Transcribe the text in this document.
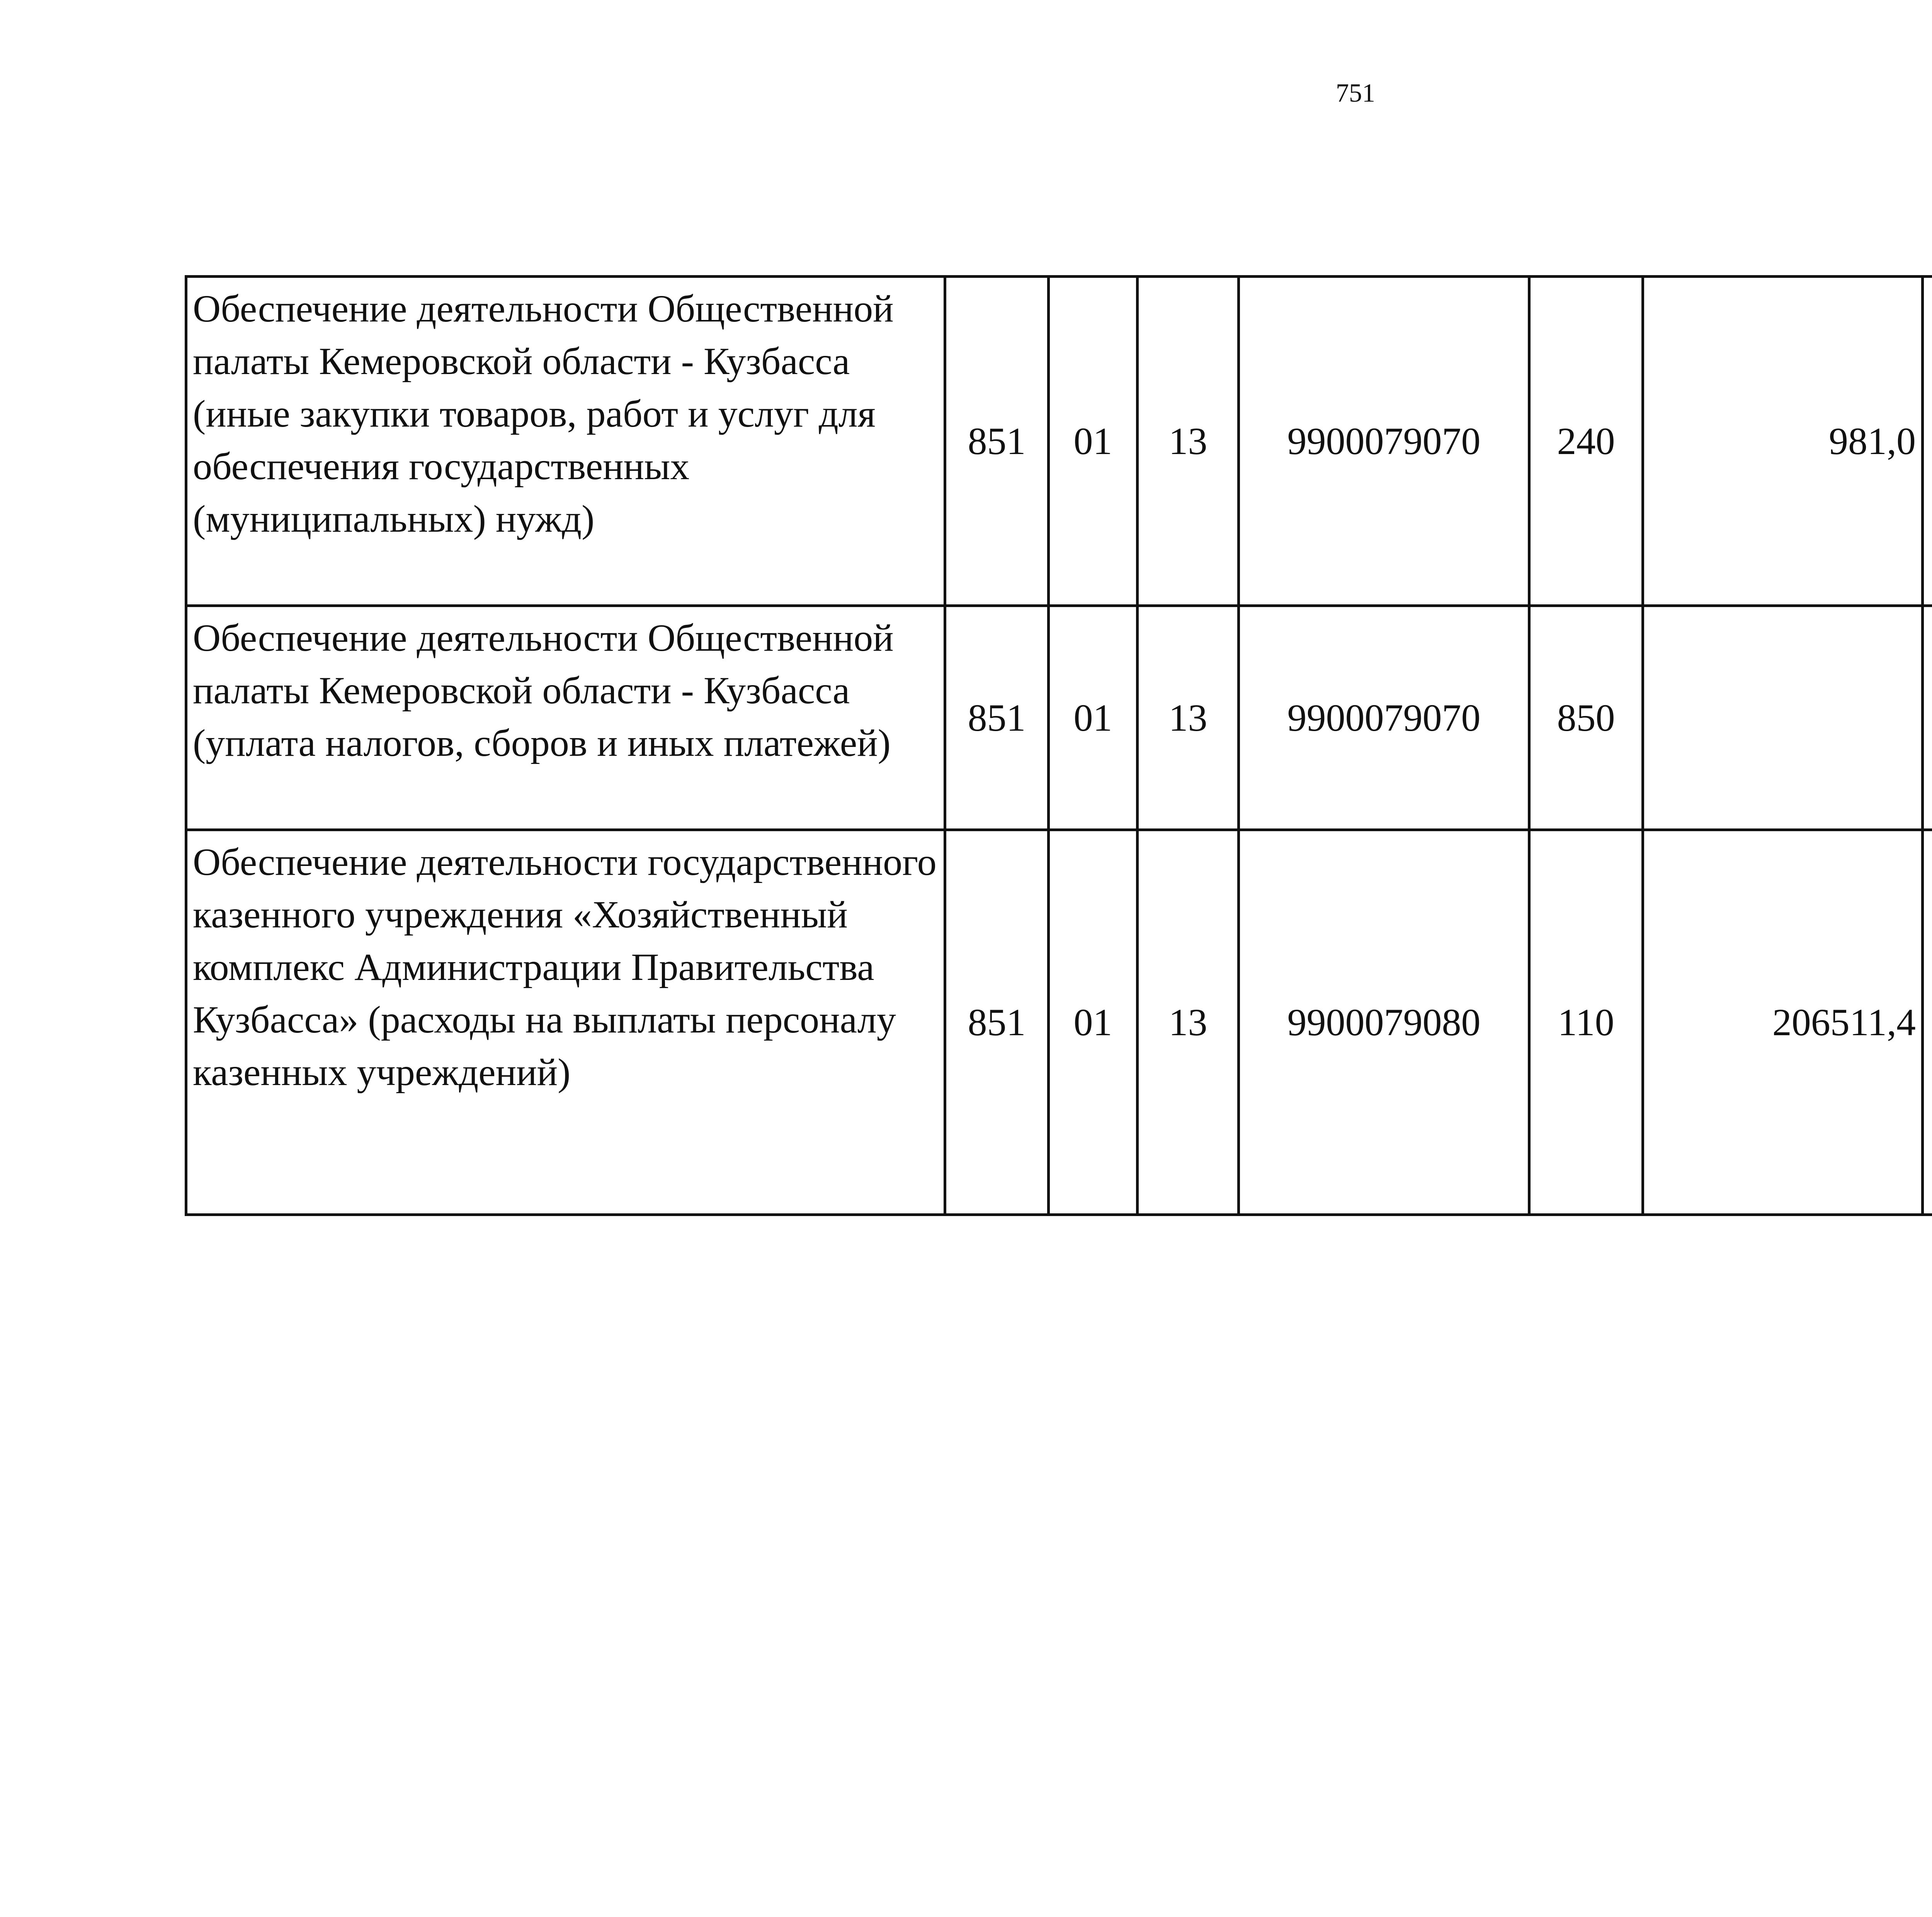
751
Обеспечение деятельности Общественной палаты Кемеровской области - Кузбасса (иные закупки товаров, работ и услуг для обеспечения государственных (муниципальных) нужд)	851	01	13	9900079070	240	981,0		
Обеспечение деятельности Общественной палаты Кемеровской области - Кузбасса (уплата налогов, сборов и иных платежей)	851	01	13	9900079070	850			
Обеспечение деятельности государственного казенного учреждения «Хозяйственный комплекс Администрации Правительства Кузбасса» (расходы на выплаты персоналу казенных учреждений)	851	01	13	9900079080	110	206511,4		
